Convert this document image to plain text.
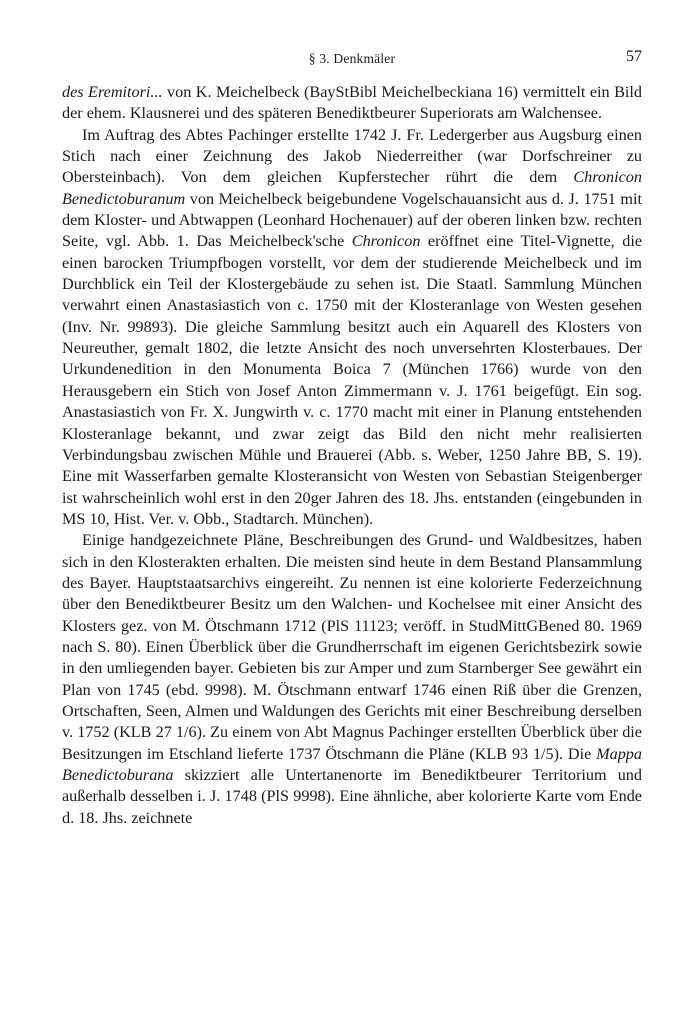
§ 3. Denkmäler	57

des Eremitori... von K. Meichelbeck (BayStBibl Meichelbeckiana 16) vermittelt ein Bild der ehem. Klausnerei und des späteren Benediktbeurer Superiorats am Walchensee.

Im Auftrag des Abtes Pachinger erstellte 1742 J. Fr. Ledergerber aus Augsburg einen Stich nach einer Zeichnung des Jakob Niederreither (war Dorfschreiner zu Obersteinbach). Von dem gleichen Kupferstecher rührt die dem Chronicon Benedictoburanum von Meichelbeck beigebundene Vogelschauansicht aus d. J. 1751 mit dem Kloster- und Abtwappen (Leonhard Hochenauer) auf der oberen linken bzw. rechten Seite, vgl. Abb. 1. Das Meichelbeck'sche Chronicon eröffnet eine Titel-Vignette, die einen barocken Triumpfbogen vorstellt, vor dem der studierende Meichelbeck und im Durchblick ein Teil der Klostergebäude zu sehen ist. Die Staatl. Sammlung München verwahrt einen Anastasiastich von c. 1750 mit der Klosteranlage von Westen gesehen (Inv. Nr. 99893). Die gleiche Sammlung besitzt auch ein Aquarell des Klosters von Neureuther, gemalt 1802, die letzte Ansicht des noch unversehrten Klosterbaues. Der Urkundenedition in den Monumenta Boica 7 (München 1766) wurde von den Herausgebern ein Stich von Josef Anton Zimmermann v. J. 1761 beigefügt. Ein sog. Anastasiastich von Fr. X. Jungwirth v. c. 1770 macht mit einer in Planung entstehenden Klosteranlage bekannt, und zwar zeigt das Bild den nicht mehr realisierten Verbindungsbau zwischen Mühle und Brauerei (Abb. s. Weber, 1250 Jahre BB, S. 19). Eine mit Wasserfarben gemalte Klosteransicht von Westen von Sebastian Steigenberger ist wahrscheinlich wohl erst in den 20ger Jahren des 18. Jhs. entstanden (eingebunden in MS 10, Hist. Ver. v. Obb., Stadtarch. München).

Einige handgezeichnete Pläne, Beschreibungen des Grund- und Waldbesitzes, haben sich in den Klosterakten erhalten. Die meisten sind heute in dem Bestand Plansammlung des Bayer. Hauptstaatsarchivs eingereiht. Zu nennen ist eine kolorierte Federzeichnung über den Benediktbeurer Besitz um den Walchen- und Kochelsee mit einer Ansicht des Klosters gez. von M. Ötschmann 1712 (PlS 11123; veröff. in StudMittGBened 80. 1969 nach S. 80). Einen Überblick über die Grundherrschaft im eigenen Gerichtsbezirk sowie in den umliegenden bayer. Gebieten bis zur Amper und zum Starnberger See gewährt ein Plan von 1745 (ebd. 9998). M. Ötschmann entwarf 1746 einen Riß über die Grenzen, Ortschaften, Seen, Almen und Waldungen des Gerichts mit einer Beschreibung derselben v. 1752 (KLB 27 1/6). Zu einem von Abt Magnus Pachinger erstellten Überblick über die Besitzungen im Etschland lieferte 1737 Ötschmann die Pläne (KLB 93 1/5). Die Mappa Benedictoburana skizziert alle Untertanenorte im Benediktbeurer Territorium und außerhalb desselben i. J. 1748 (PlS 9998). Eine ähnliche, aber kolorierte Karte vom Ende d. 18. Jhs. zeichnete
